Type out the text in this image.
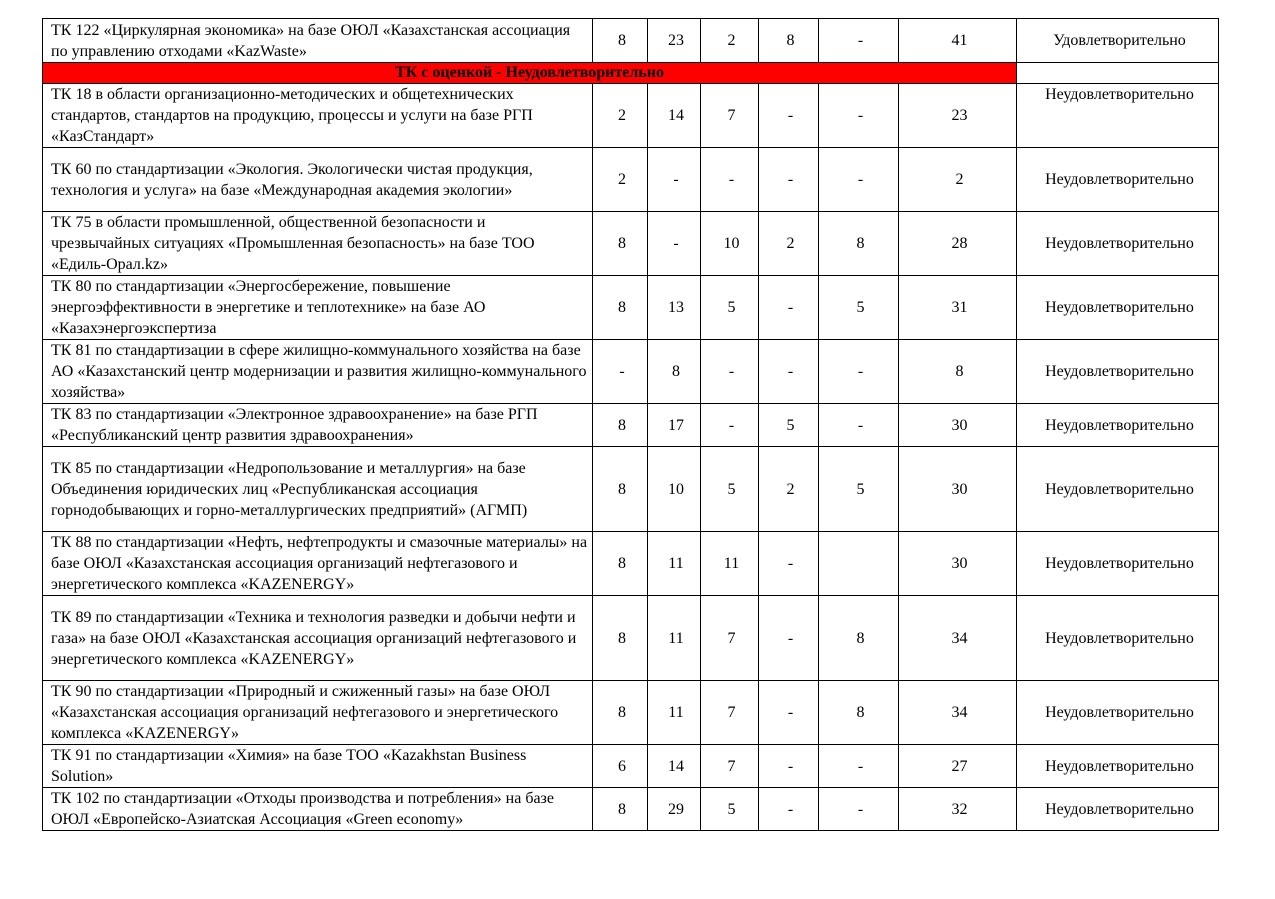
ТК 122 «Циркулярная экономика» на базе ОЮЛ «Казахстанская ассоциация по управлению отходами «KazWaste»	8	23	2	8	-	41	Удовлетворительно
ТК с оценкой - Неудовлетворительно							
ТК 18 в области организационно-методических и общетехнических стандартов, стандартов на продукцию, процессы и услуги на базе РГП «КазСтандарт»	2	14	7	-	-	23	Неудовлетворительно
ТК 60 по стандартизации «Экология. Экологически чистая продукция, технология и услуга» на базе «Международная академия экологии»	2	-	-	-	-	2	Неудовлетворительно
ТК 75 в области промышленной, общественной безопасности и чрезвычайных ситуациях «Промышленная безопасность» на базе ТОО «Едиль-Орал.kz»	8	-	10	2	8	28	Неудовлетворительно
ТК 80 по стандартизации «Энергосбережение, повышение энергоэффективности в энергетике и теплотехнике» на базе АО «Казахэнергоэкспертиза	8	13	5	-	5	31	Неудовлетворительно
ТК 81 по стандартизации в сфере жилищно-коммунального хозяйства на базе АО «Казахстанский центр модернизации и развития жилищно-коммунального хозяйства»	-	8	-	-	-	8	Неудовлетворительно
ТК 83 по стандартизации «Электронное здравоохранение» на базе РГП «Республиканский центр развития здравоохранения»	8	17	-	5	-	30	Неудовлетворительно
ТК 85 по стандартизации «Недропользование и металлургия» на базе Объединения юридических лиц «Республиканская ассоциация горнодобывающих и горно-металлургических предприятий» (АГМП)	8	10	5	2	5	30	Неудовлетворительно
ТК 88 по стандартизации «Нефть, нефтепродукты и смазочные материалы» на базе ОЮЛ «Казахстанская ассоциация организаций нефтегазового и энергетического комплекса «KAZENERGY»	8	11	11	-		30	Неудовлетворительно
ТК 89 по стандартизации «Техника и технология разведки и добычи нефти и газа» на базе ОЮЛ «Казахстанская ассоциация организаций нефтегазового и энергетического комплекса «KAZENERGY»	8	11	7	-	8	34	Неудовлетворительно
ТК 90 по стандартизации «Природный и сжиженный газы» на базе ОЮЛ «Казахстанская ассоциация организаций нефтегазового и энергетического комплекса «KAZENERGY»	8	11	7	-	8	34	Неудовлетворительно
ТК 91 по стандартизации «Химия» на базе ТОО «Kazakhstan Business Solution»	6	14	7	-	-	27	Неудовлетворительно
ТК 102 по стандартизации «Отходы производства и потребления» на базе ОЮЛ «Европейско-Азиатская Ассоциация «Green economy»	8	29	5	-	-	32	Неудовлетворительно
